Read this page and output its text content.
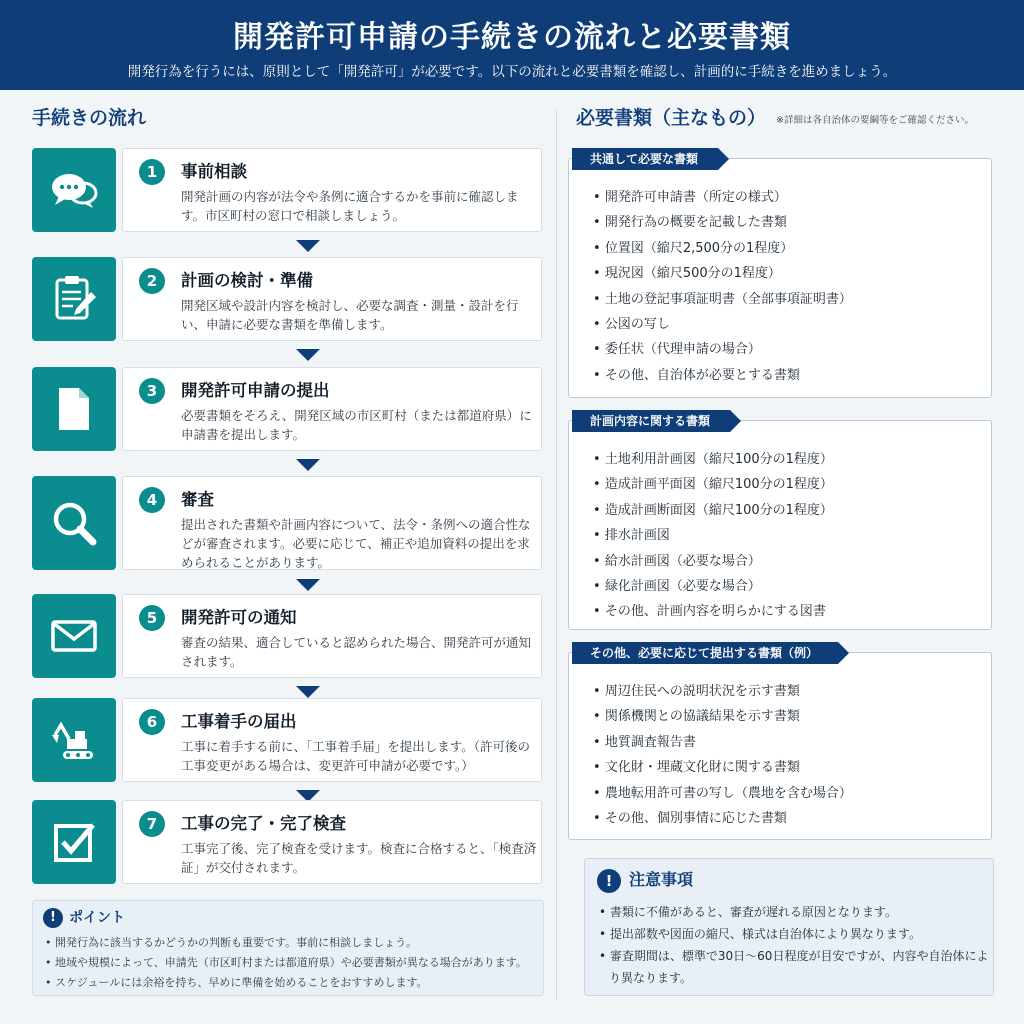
開発許可申請の手続きの流れと必要書類

開発行為を行うには、原則として「開発許可」が必要です。以下の流れと必要書類を確認し、計画的に手続きを進めましょう。

手続きの流れ
1	事前相談
開発計画の内容が法令や条例に適合するかを事前に確認します。市区町村の窓口で相談しましょう。
2	計画の検討・準備
開発区域や設計内容を検討し、必要な調査・測量・設計を行い、申請に必要な書類を準備します。
3	開発許可申請の提出
必要書類をそろえ、開発区域の市区町村（または都道府県）に申請書を提出します。
4	審査
提出された書類や計画内容について、法令・条例への適合性などが審査されます。必要に応じて、補正や追加資料の提出を求められることがあります。
5	開発許可の通知
審査の結果、適合していると認められた場合、開発許可が通知されます。
6	工事着手の届出
工事に着手する前に、「工事着手届」を提出します。（許可後の工事変更がある場合は、変更許可申請が必要です。）
7	工事の完了・完了検査
工事完了後、完了検査を受けます。検査に合格すると、「検査済証」が交付されます。
! ポイント
• 開発行為に該当するかどうかの判断も重要です。事前に相談しましょう。
• 地域や規模によって、申請先（市区町村または都道府県）や必要書類が異なる場合があります。
• スケジュールには余裕を持ち、早めに準備を始めることをおすすめします。
必要書類（主なもの） ※詳細は各自治体の要綱等をご確認ください。
• 開発許可申請書（所定の様式）
• 開発行為の概要を記載した書類
• 位置図（縮尺2,500分の1程度）
• 現況図（縮尺500分の1程度）
• 土地の登記事項証明書（全部事項証明書）
• 公図の写し
• 委任状（代理申請の場合）
• その他、自治体が必要とする書類
共通して必要な書類
• 土地利用計画図（縮尺100分の1程度）
• 造成計画平面図（縮尺100分の1程度）
• 造成計画断面図（縮尺100分の1程度）
• 排水計画図
• 給水計画図（必要な場合）
• 緑化計画図（必要な場合）
• その他、計画内容を明らかにする図書
計画内容に関する書類
• 周辺住民への説明状況を示す書類
• 関係機関との協議結果を示す書類
• 地質調査報告書
• 文化財・埋蔵文化財に関する書類
• 農地転用許可書の写し（農地を含む場合）
• その他、個別事情に応じた書類
その他、必要に応じて提出する書類（例）
! 注意事項
• 書類に不備があると、審査が遅れる原因となります。
• 提出部数や図面の縮尺、様式は自治体により異なります。
• 審査期間は、標準で30日〜60日程度が目安ですが、内容や自治体により異なります。
